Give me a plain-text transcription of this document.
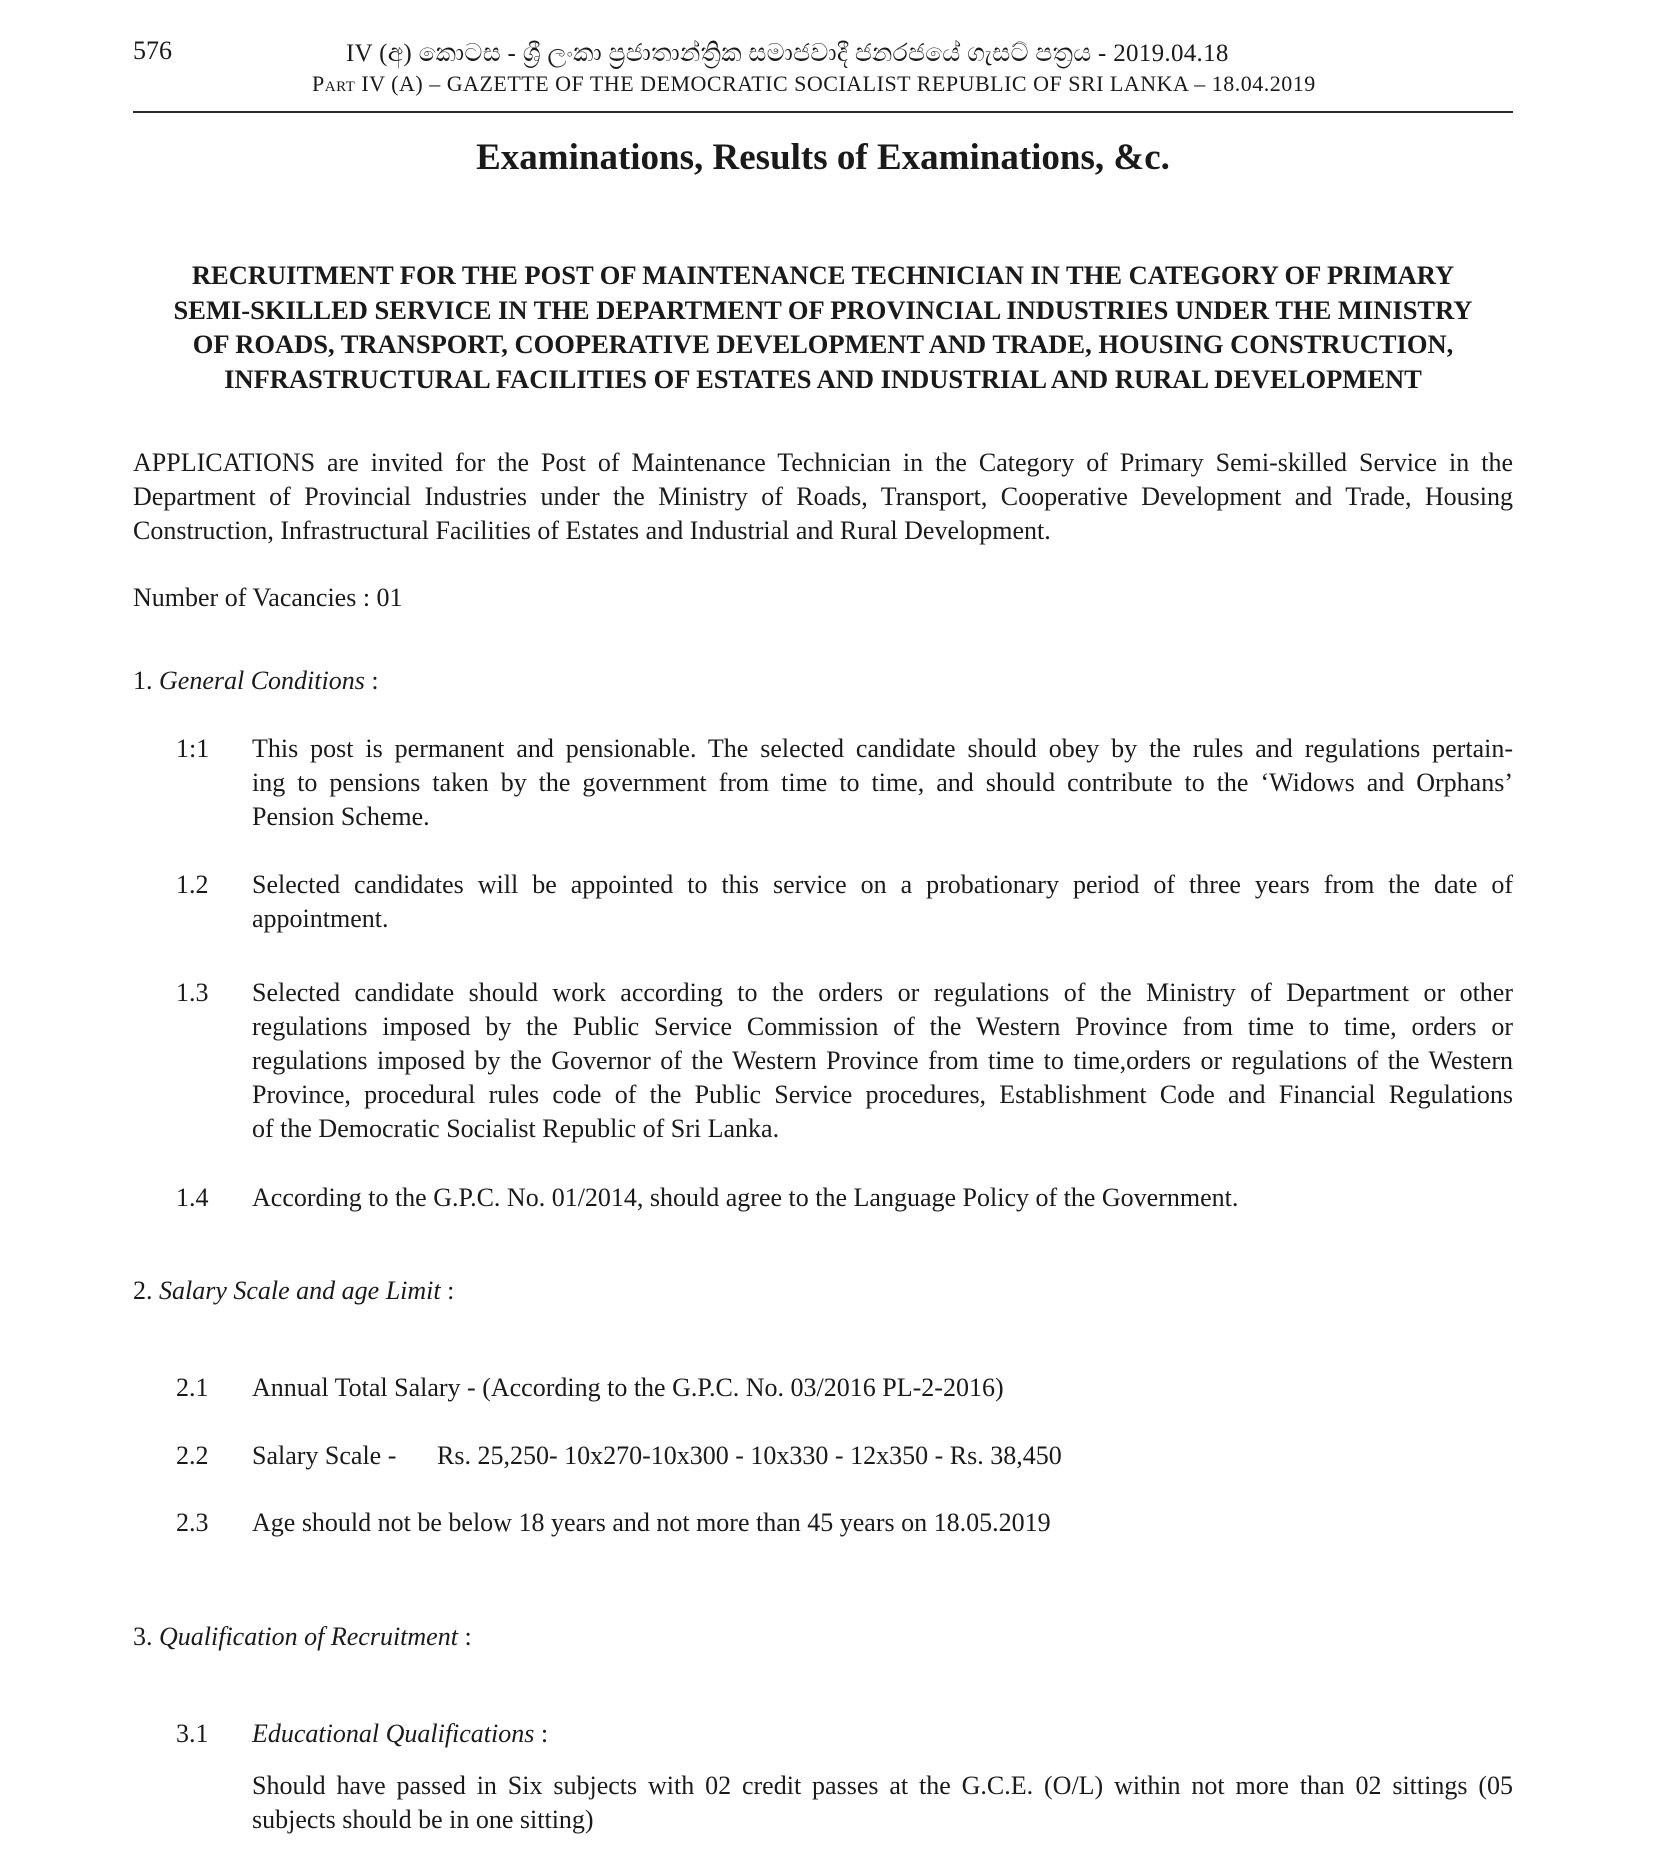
576	IV (අ) කොටස - ශ්‍රී ලංකා ප්‍රජාතාන්ත්‍රික සමාජවාදී ජනරජයේ ගැසට් පත්‍රය - 2019.04.18
Part IV (A) – GAZETTE OF THE DEMOCRATIC SOCIALIST REPUBLIC OF SRI LANKA – 18.04.2019
Examinations, Results of Examinations, &c.
RECRUITMENT FOR THE POST OF MAINTENANCE TECHNICIAN IN THE CATEGORY OF PRIMARY
SEMI-SKILLED SERVICE IN THE DEPARTMENT OF PROVINCIAL INDUSTRIES UNDER THE MINISTRY
OF ROADS, TRANSPORT, COOPERATIVE DEVELOPMENT AND TRADE, HOUSING CONSTRUCTION,
INFRASTRUCTURAL FACILITIES OF ESTATES AND INDUSTRIAL AND RURAL DEVELOPMENT
APPLICATIONS are invited for the Post of Maintenance Technician in the Category of Primary Semi-skilled Service in the Department of Provincial Industries under the Ministry of Roads, Transport, Cooperative Development and Trade, Housing Construction, Infrastructural Facilities of Estates and Industrial and Rural Development.
Number of Vacancies : 01
1. General Conditions :
1:1	This post is permanent and pensionable. The selected candidate should obey by the rules and regulations pertain-
ing to pensions taken by the government from time to time, and should contribute to the ‘Widows and Orphans’
Pension Scheme.
1.2	Selected candidates will be appointed to this service on a probationary period of three years from the date of
appointment.
1.3	Selected candidate should work according to the orders or regulations of the Ministry of Department or other
regulations imposed by the Public Service Commission of the Western Province from time to time, orders or
regulations imposed by the Governor of the Western Province from time to time,orders or regulations of the Western
Province, procedural rules code of the Public Service procedures, Establishment Code and Financial Regulations
of the Democratic Socialist Republic of Sri Lanka.
1.4	According to the G.P.C. No. 01/2014, should agree to the Language Policy of the Government.
2. Salary Scale and age Limit :
2.1	Annual Total Salary - (According to the G.P.C. No. 03/2016 PL-2-2016)
2.2	Salary Scale - Rs. 25,250- 10x270-10x300 - 10x330 - 12x350 - Rs. 38,450
2.3	Age should not be below 18 years and not more than 45 years on 18.05.2019
3. Qualification of Recruitment :
3.1	Educational Qualifications :
Should have passed in Six subjects with 02 credit passes at the G.C.E. (O/L) within not more than 02 sittings (05
subjects should be in one sitting)
